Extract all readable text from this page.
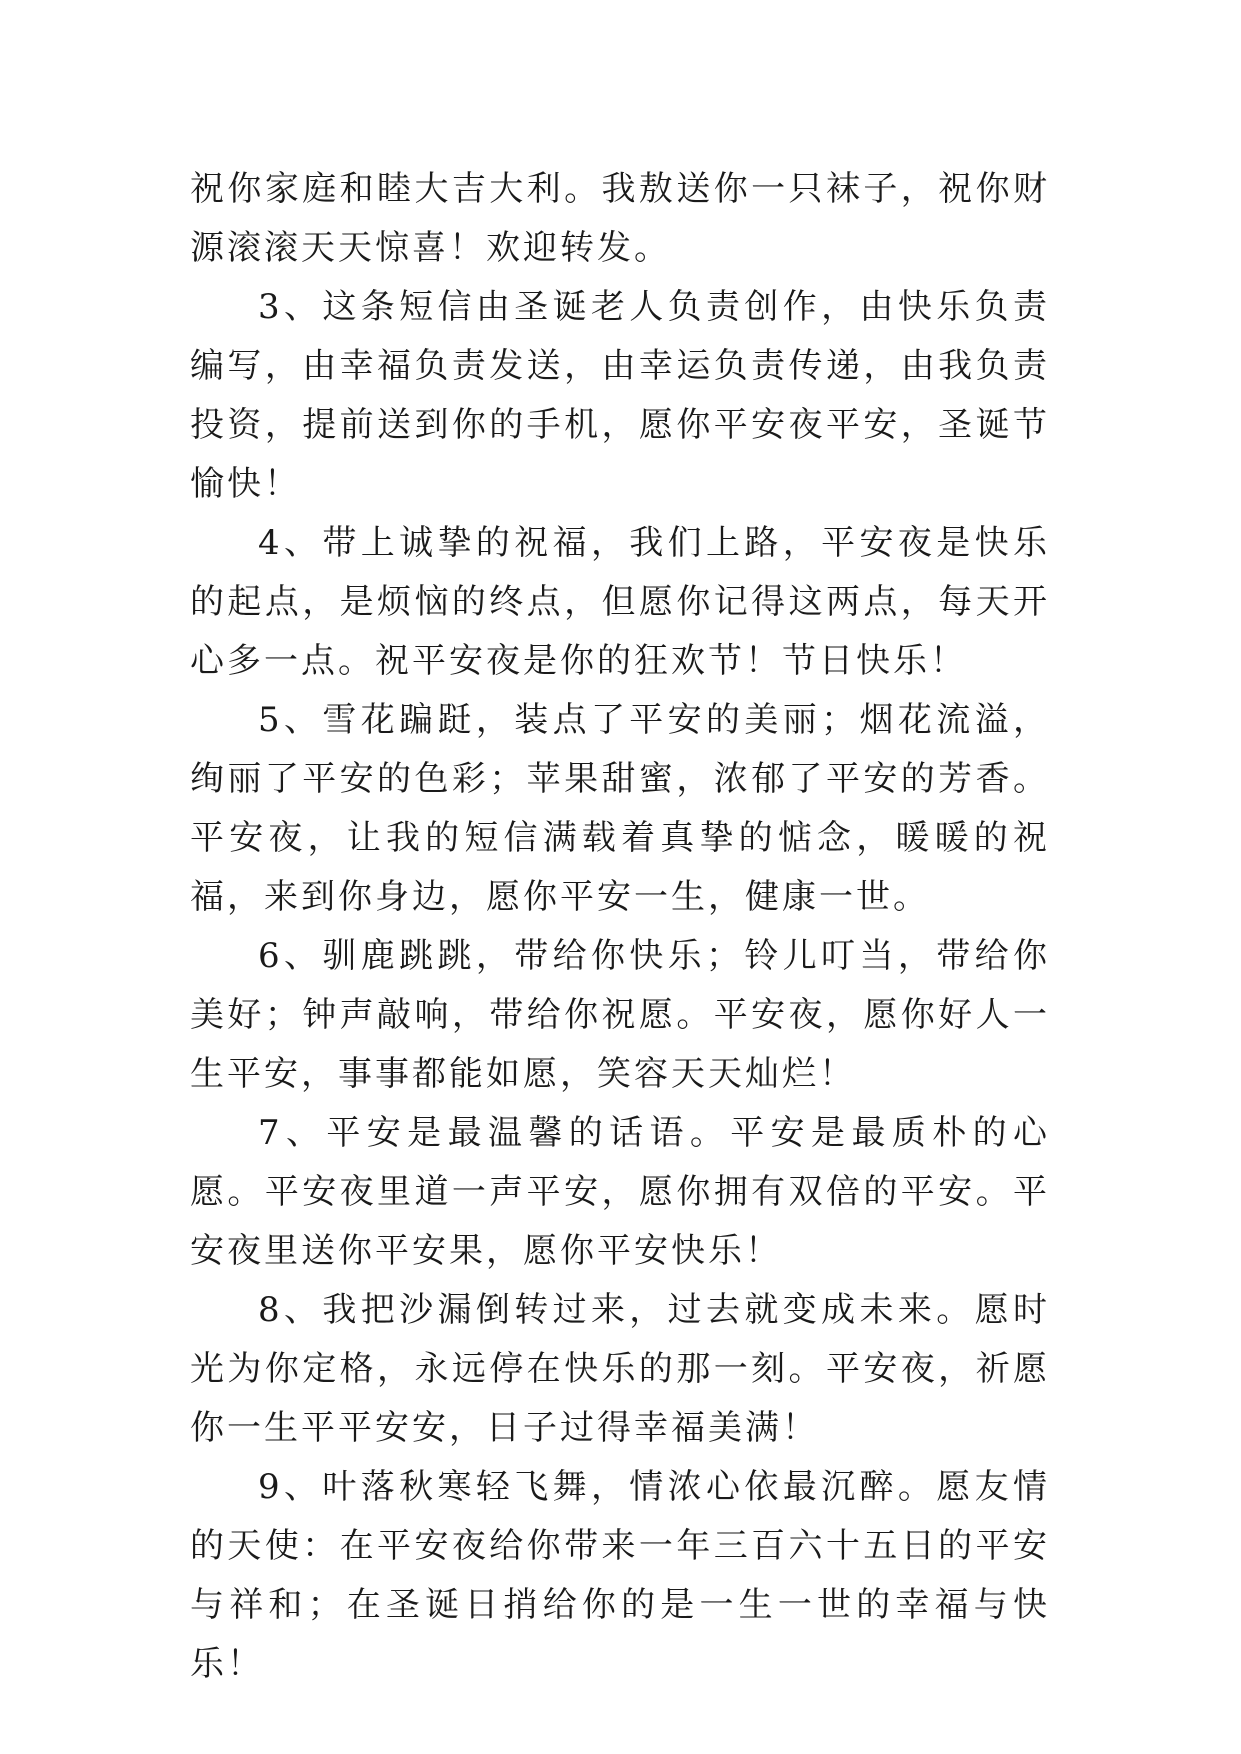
祝你家庭和睦大吉大利。我敖送你一只袜子，祝你财源滚滚天天惊喜！欢迎转发。

3、这条短信由圣诞老人负责创作，由快乐负责编写，由幸福负责发送，由幸运负责传递，由我负责投资，提前送到你的手机，愿你平安夜平安，圣诞节愉快！

4、带上诚挚的祝福，我们上路，平安夜是快乐的起点，是烦恼的终点，但愿你记得这两点，每天开心多一点。祝平安夜是你的狂欢节！节日快乐！

5、雪花蹁跹，装点了平安的美丽；烟花流溢，绚丽了平安的色彩；苹果甜蜜，浓郁了平安的芳香。平安夜，让我的短信满载着真挚的惦念，暖暖的祝福，来到你身边，愿你平安一生，健康一世。

6、驯鹿跳跳，带给你快乐；铃儿叮当，带给你美好；钟声敲响，带给你祝愿。平安夜，愿你好人一生平安，事事都能如愿，笑容天天灿烂！

7、平安是最温馨的话语。平安是最质朴的心愿。平安夜里道一声平安，愿你拥有双倍的平安。平安夜里送你平安果，愿你平安快乐！

8、我把沙漏倒转过来，过去就变成未来。愿时光为你定格，永远停在快乐的那一刻。平安夜，祈愿你一生平平安安，日子过得幸福美满！

9、叶落秋寒轻飞舞，情浓心依最沉醉。愿友情的天使：在平安夜给你带来一年三百六十五日的平安与祥和；在圣诞日捎给你的是一生一世的幸福与快乐！
